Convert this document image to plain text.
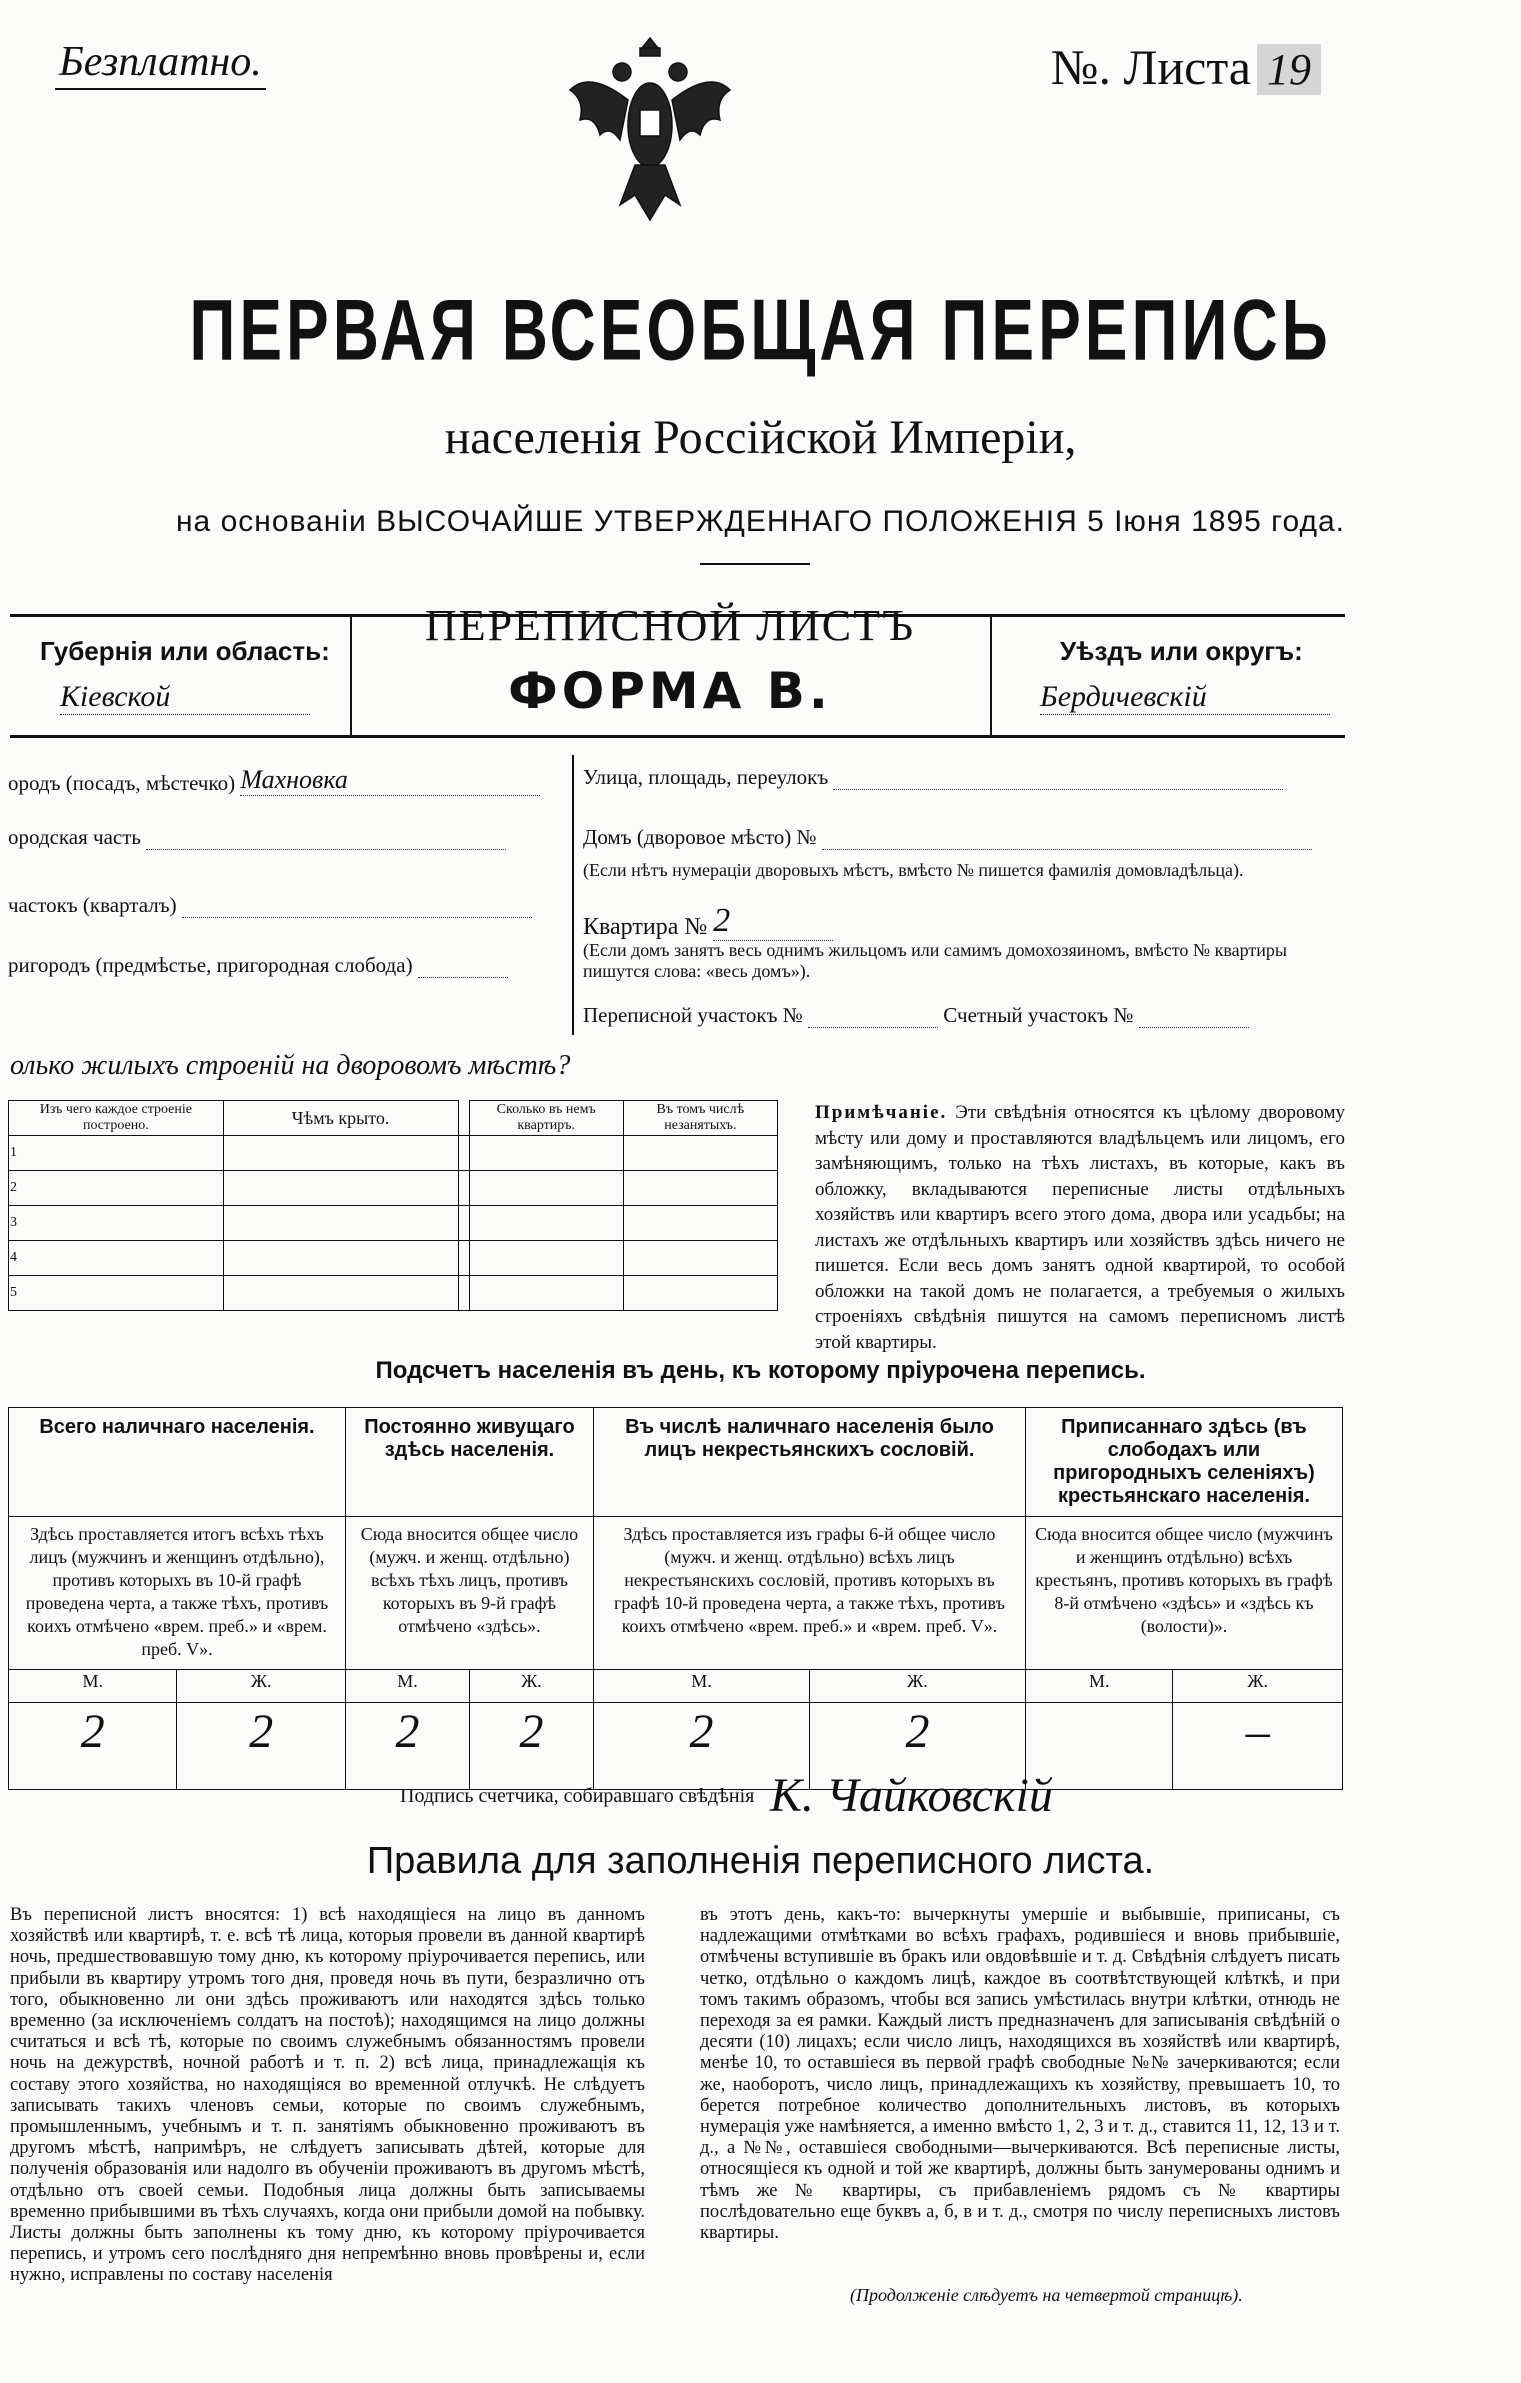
Безплатно.	№. Листа 19
ПЕРВАЯ ВСЕОБЩАЯ ПЕРЕПИСЬ
населенія Россійской Имперіи,
на основаніи ВЫСОЧАЙШЕ УТВЕРЖДЕННАГО ПОЛОЖЕНІЯ 5 Іюня 1895 года.
Губернія или область:
Кіевской
ПЕРЕПИСНОЙ ЛИСТЪ
ФОРМА В.
Уѣздъ или округъ:
Бердичевскій
ородъ (посадъ, мѣстечко) Махновка
ородская часть
частокъ (кварталъ)
ригородъ (предмѣстье, пригородная слобода)
Улица, площадь, переулокъ
Домъ (дворовое мѣсто) №
(Если нѣтъ нумераціи дворовыхъ мѣстъ, вмѣсто № пишется фамилія домовладѣльца).
Квартира № 2
(Если домъ занятъ весь однимъ жильцомъ или самимъ домохозяиномъ, вмѣсто № квартиры пишутся слова: «весь домъ»).
Переписной участокъ №	Счетный участокъ №
олько жилыхъ строеній на дворовомъ мѣстѣ?
Изъ чего каждое строеніе построено.	Чѣмъ крыто.		Сколько въ немъ квартиръ.	Въ томъ числѣ незанятыхъ.
1				
2				
3				
4				
5				
Примѣчаніе. Эти свѣдѣнія относятся къ цѣлому дворовому мѣсту или дому и проставляются владѣльцемъ или лицомъ, его замѣняющимъ, только на тѣхъ листахъ, въ которые, какъ въ обложку, вкладываются переписные листы отдѣльныхъ хозяйствъ или квартиръ всего этого дома, двора или усадьбы; на листахъ же отдѣльныхъ квартиръ или хозяйствъ здѣсь ничего не пишется. Если весь домъ занятъ одной квартирой, то особой обложки на такой домъ не полагается, а требуемыя о жилыхъ строеніяхъ свѣдѣнія пишутся на самомъ переписномъ листѣ этой квартиры.
Подсчетъ населенія въ день, къ которому пріурочена перепись.
Всего наличнаго населенія.		Постоянно живущаго здѣсь населенія.		Въ числѣ наличнаго населенія было лицъ некрестьянскихъ сословій.		Приписаннаго здѣсь (въ слободахъ или пригородныхъ селеніяхъ) крестьянскаго населенія.	
Здѣсь проставляется итогъ всѣхъ тѣхъ лицъ (мужчинъ и женщинъ отдѣльно), противъ которыхъ въ 10-й графѣ проведена черта, а также тѣхъ, противъ коихъ отмѣчено «врем. преб.» и «врем. преб. V».		Сюда вносится общее число (мужч. и женщ. отдѣльно) всѣхъ тѣхъ лицъ, противъ которыхъ въ 9-й графѣ отмѣчено «здѣсь».		Здѣсь проставляется изъ графы 6-й общее число (мужч. и женщ. отдѣльно) всѣхъ лицъ некрестьянскихъ сословій, противъ которыхъ въ графѣ 10-й проведена черта, а также тѣхъ, противъ коихъ отмѣчено «врем. преб.» и «врем. преб. V».		Сюда вносится общее число (мужчинъ и женщинъ отдѣльно) всѣхъ крестьянъ, противъ которыхъ въ графѣ 8-й отмѣчено «здѣсь» и «здѣсь къ (волости)».	
М.	Ж.	М.	Ж.	М.	Ж.	М.	Ж.
2	2	2	2	2	2		–
Подпись счетчика, собиравшаго свѣдѣнія К. Чайковскій
Правила для заполненія переписного листа.
Въ переписной листъ вносятся: 1) всѣ находящіеся на лицо въ данномъ хозяйствѣ или квартирѣ, т. е. всѣ тѣ лица, которыя провели въ данной квартирѣ ночь, предшествовавшую тому дню, къ которому пріурочивается перепись, или прибыли въ квартиру утромъ того дня, проведя ночь въ пути, безразлично отъ того, обыкновенно ли они здѣсь проживаютъ или находятся здѣсь только временно (за исключеніемъ солдатъ на постоѣ); находящимся на лицо должны считаться и всѣ тѣ, которые по своимъ служебнымъ обязанностямъ провели ночь на дежурствѣ, ночной работѣ и т. п. 2) всѣ лица, принадлежащія къ составу этого хозяйства, но находящіяся во временной отлучкѣ. Не слѣдуетъ записывать такихъ членовъ семьи, которые по своимъ служебнымъ, промышленнымъ, учебнымъ и т. п. занятіямъ обыкновенно проживаютъ въ другомъ мѣстѣ, напримѣръ, не слѣдуетъ записывать дѣтей, которые для полученія образованія или надолго въ обученіи проживаютъ въ другомъ мѣстѣ, отдѣльно отъ своей семьи. Подобныя лица должны быть записываемы временно прибывшими въ тѣхъ случаяхъ, когда они прибыли домой на побывку. Листы должны быть заполнены къ тому дню, къ которому пріурочивается перепись, и утромъ сего послѣдняго дня непремѣнно вновь провѣрены и, если нужно, исправлены по составу населенія
въ этотъ день, какъ-то: вычеркнуты умершіе и выбывшіе, приписаны, съ надлежащими отмѣтками во всѣхъ графахъ, родившіеся и вновь прибывшіе, отмѣчены вступившіе въ бракъ или овдовѣвшіе и т. д. Свѣдѣнія слѣдуетъ писать четко, отдѣльно о каждомъ лицѣ, каждое въ соотвѣтствующей клѣткѣ, и при томъ такимъ образомъ, чтобы вся запись умѣстилась внутри клѣтки, отнюдь не переходя за ея рамки. Каждый листъ предназначенъ для записыванія свѣдѣній о десяти (10) лицахъ; если число лицъ, находящихся въ хозяйствѣ или квартирѣ, менѣе 10, то оставшіеся въ первой графѣ свободные №№ зачеркиваются; если же, наоборотъ, число лицъ, принадлежащихъ къ хозяйству, превышаетъ 10, то берется потребное количество дополнительныхъ листовъ, въ которыхъ нумерація уже намѣняется, а именно вмѣсто 1, 2, 3 и т. д., ставится 11, 12, 13 и т. д., а №№, оставшіеся свободными—вычеркиваются. Всѣ переписные листы, относящіеся къ одной и той же квартирѣ, должны быть занумерованы однимъ и тѣмъ же № квартиры, съ прибавленіемъ рядомъ съ № квартиры послѣдовательно еще буквъ а, б, в и т. д., смотря по числу переписныхъ листовъ квартиры.
(Продолженіе слѣдуетъ на четвертой страницѣ).
